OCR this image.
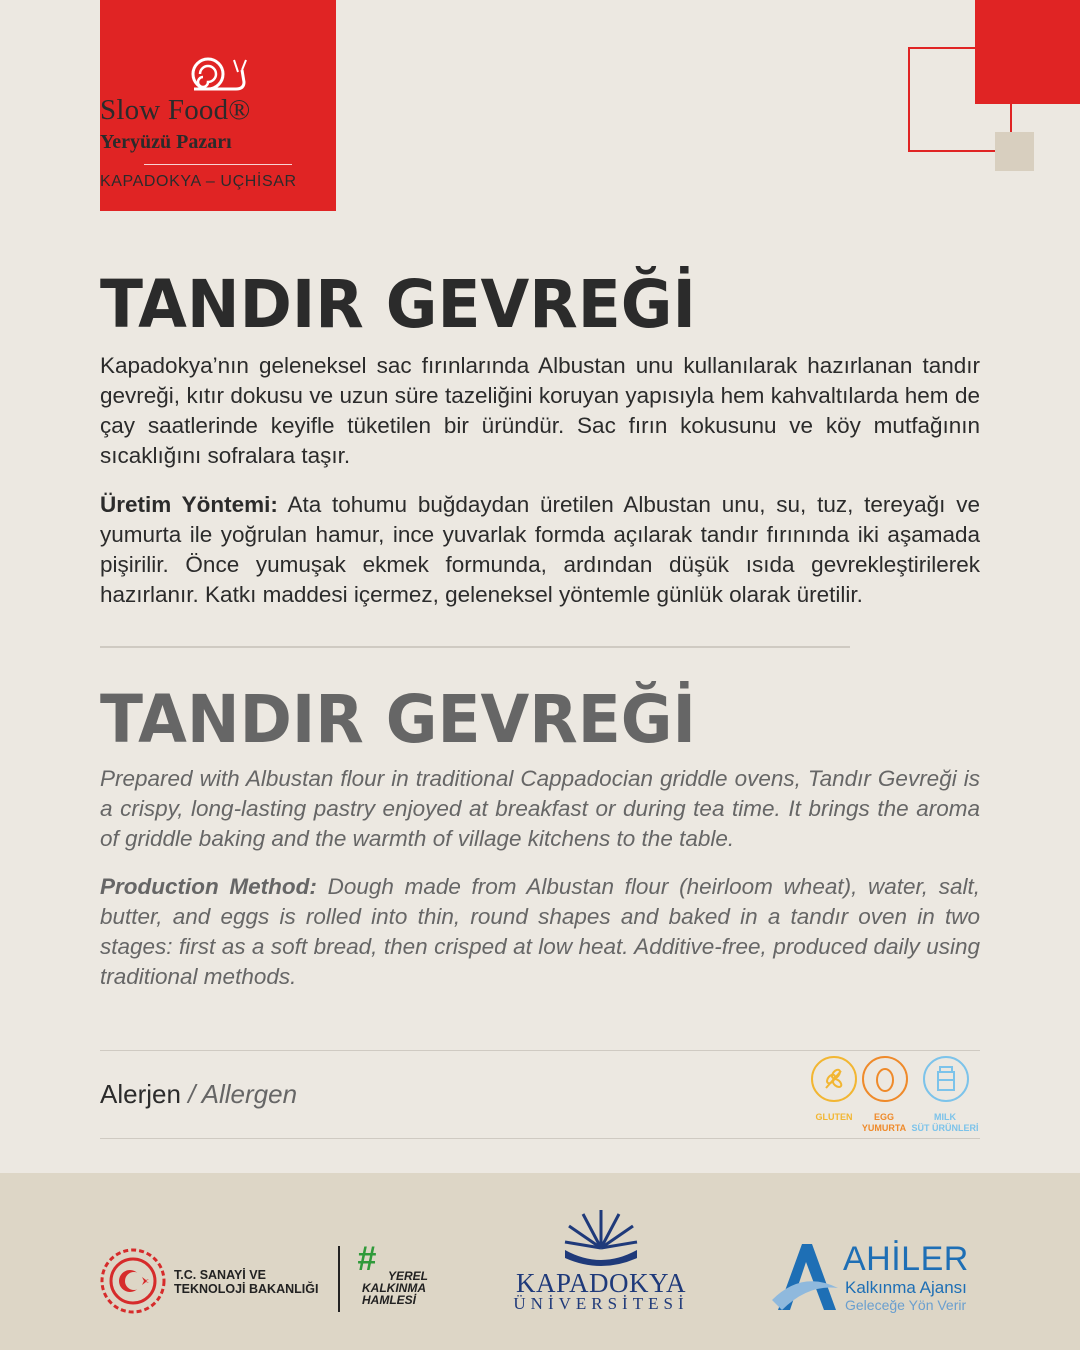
Slow Food®
Yeryüzü Pazarı
KAPADOKYA – UÇHİSAR
TANDIR GEVREĞİ

Kapadokya’nın geleneksel sac fırınlarında Albustan unu kullanılarak hazırlanan tandır gevreği, kıtır dokusu ve uzun süre tazeliğini koruyan yapısıyla hem kahvaltılarda hem de çay saatlerinde keyifle tüketilen bir üründür. Sac fırın kokusunu ve köy mutfağının sıcaklığını sofralara taşır.

Üretim Yöntemi: Ata tohumu buğdaydan üretilen Albustan unu, su, tuz, tereyağı ve yumurta ile yoğrulan hamur, ince yuvarlak formda açılarak tandır fırınında iki aşamada pişirilir. Önce yumuşak ekmek formunda, ardından düşük ısıda gevrekleştirilerek hazırlanır. Katkı maddesi içermez, geleneksel yöntemle günlük olarak üretilir.

TANDIR GEVREĞİ

Prepared with Albustan flour in traditional Cappadocian griddle ovens, Tandır Gevreği is a crispy, long-lasting pastry enjoyed at breakfast or during tea time. It brings the aroma of griddle baking and the warmth of village kitchens to the table.

Production Method: Dough made from Albustan flour (heirloom wheat), water, salt, butter, and eggs is rolled into thin, round shapes and baked in a tandır oven in two stages: first as a soft bread, then crisped at low heat. Additive-free, produced daily using traditional methods.

Alerjen / Allergen
GLUTEN	EGG
YUMURTA
MILK
SÜT ÜRÜNLERİ
T.C. SANAYİ VE
TEKNOLOJİ BAKANLIĞI
#	YEREL
KALKINMA
HAMLESİ
KAPADOKYA
ÜNİVERSİTESİ
AHİLER
Kalkınma Ajansı
Geleceğe Yön Verir
